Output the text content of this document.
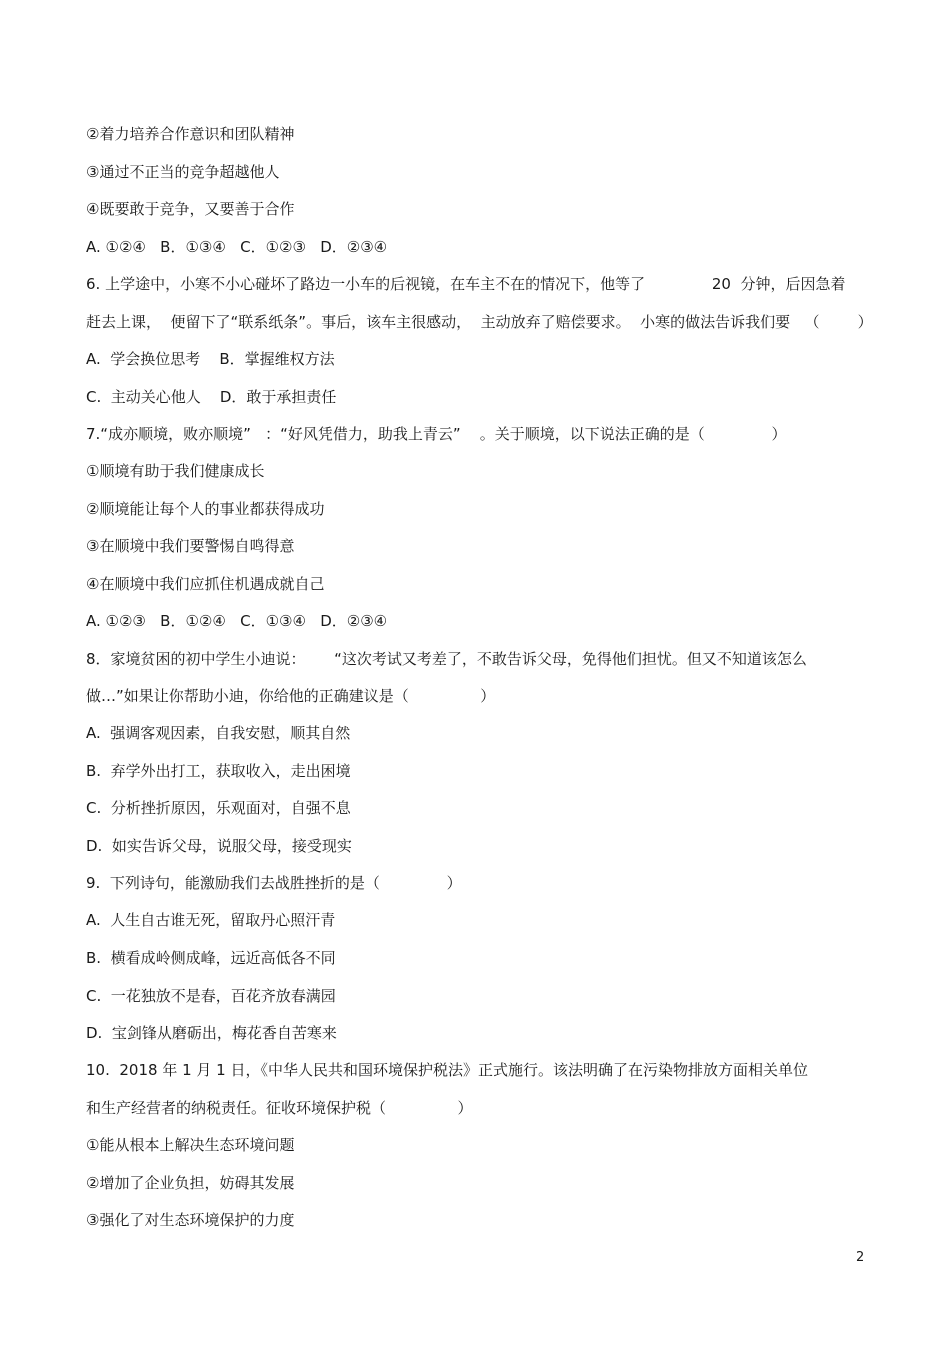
②着力培养合作意识和团队精神

③通过不正当的竞争超越他人

④既要敢于竞争，又要善于合作

A. ①②④   B．①③④   C．①②③   D．②③④

6. 上学途中，小寒不小心碰坏了路边一小车的后视镜，在车主不在的情况下，他等了              20  分钟，后因急着

赶去上课，  便留下了“联系纸条”。事后，该车主很感动，  主动放弃了赔偿要求。  小寒的做法告诉我们要   （        ）

A.  学会换位思考    B．掌握维权方法

C.  主动关心他人    D．敢于承担责任

7.“成亦顺境，败亦顺境”   ：“好风凭借力，助我上青云”    。关于顺境，以下说法正确的是（              ）

①顺境有助于我们健康成长

②顺境能让每个人的事业都获得成功

③在顺境中我们要警惕自鸣得意

④在顺境中我们应抓住机遇成就自己

A. ①②③   B．①②④   C．①③④   D．②③④

8．家境贫困的初中学生小迪说：      “这次考试又考差了，不敢告诉父母，免得他们担忧。但又不知道该怎么

做…”如果让你帮助小迪，你给他的正确建议是（               ）

A.  强调客观因素，自我安慰，顺其自然

B.  弃学外出打工，获取收入，走出困境

C.  分析挫折原因，乐观面对，自强不息

D.  如实告诉父母，说服父母，接受现实

9.  下列诗句，能激励我们去战胜挫折的是（              ）

A.  人生自古谁无死，留取丹心照汗青

B.  横看成岭侧成峰，远近高低各不同

C.  一花独放不是春，百花齐放春满园

D.  宝剑锋从磨砺出，梅花香自苦寒来

10.  2018 年 1 月 1 日，《中华人民共和国环境保护税法》正式施行。该法明确了在污染物排放方面相关单位

和生产经营者的纳税责任。征收环境保护税（               ）

①能从根本上解决生态环境问题

②增加了企业负担，妨碍其发展

③强化了对生态环境保护的力度

2
